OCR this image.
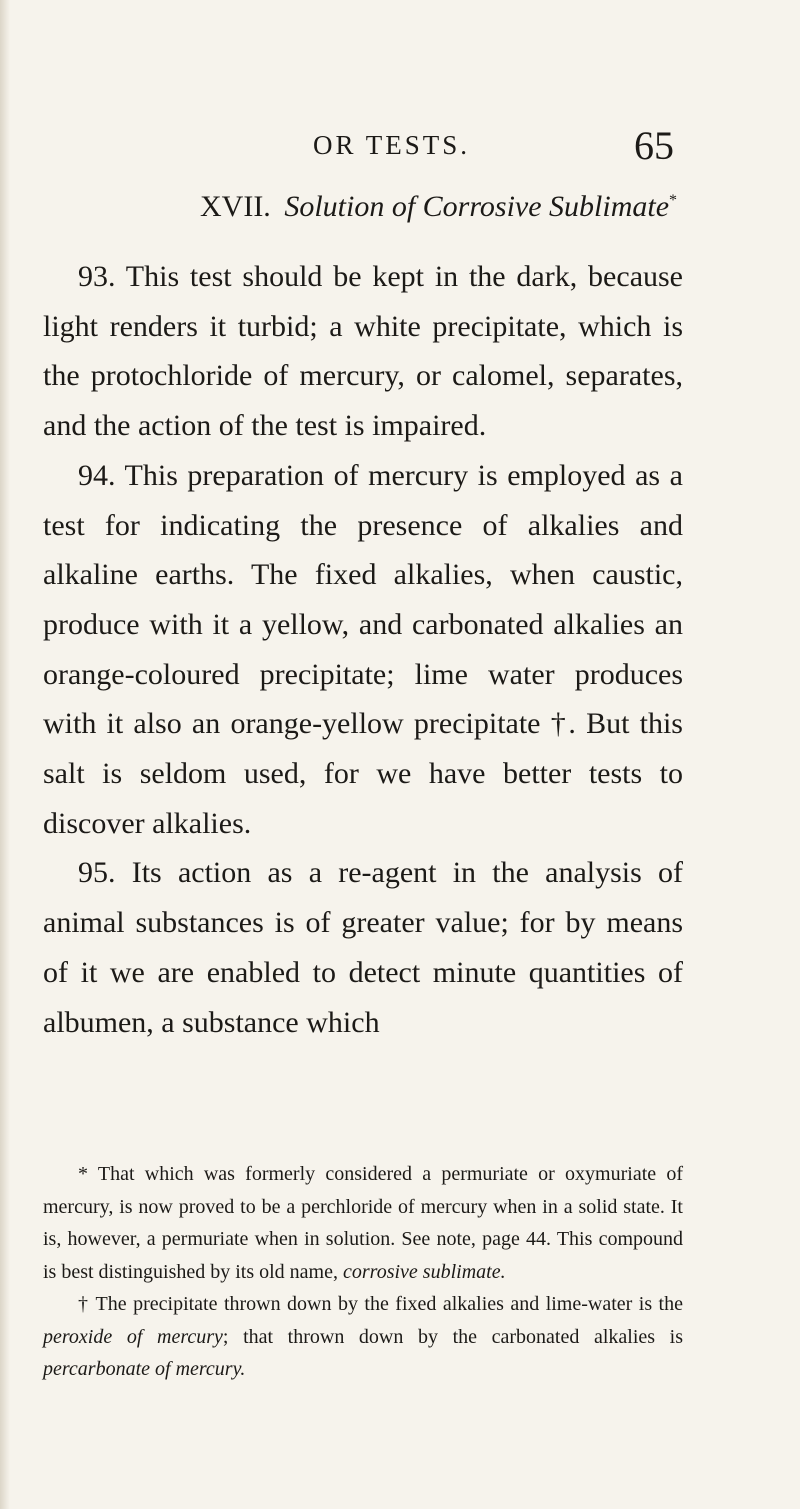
OR TESTS.	65
XVII. Solution of Corrosive Sublimate*

93. This test should be kept in the dark, because light renders it turbid; a white precipitate, which is the protochloride of mercury, or calomel, separates, and the action of the test is impaired.

94. This preparation of mercury is employed as a test for indicating the presence of alkalies and alkaline earths. The fixed alkalies, when caustic, produce with it a yellow, and carbonated alkalies an orange-coloured precipitate; lime water produces with it also an orange-yellow precipitate †. But this salt is seldom used, for we have better tests to discover alkalies.

95. Its action as a re-agent in the analysis of animal substances is of greater value; for by means of it we are enabled to detect minute quantities of albumen, a substance which

* That which was formerly considered a permuriate or oxymuriate of mercury, is now proved to be a perchloride of mercury when in a solid state. It is, however, a permuriate when in solution. See note, page 44. This compound is best distinguished by its old name, corrosive sublimate.

† The precipitate thrown down by the fixed alkalies and lime-water is the peroxide of mercury; that thrown down by the carbonated alkalies is percarbonate of mercury.
